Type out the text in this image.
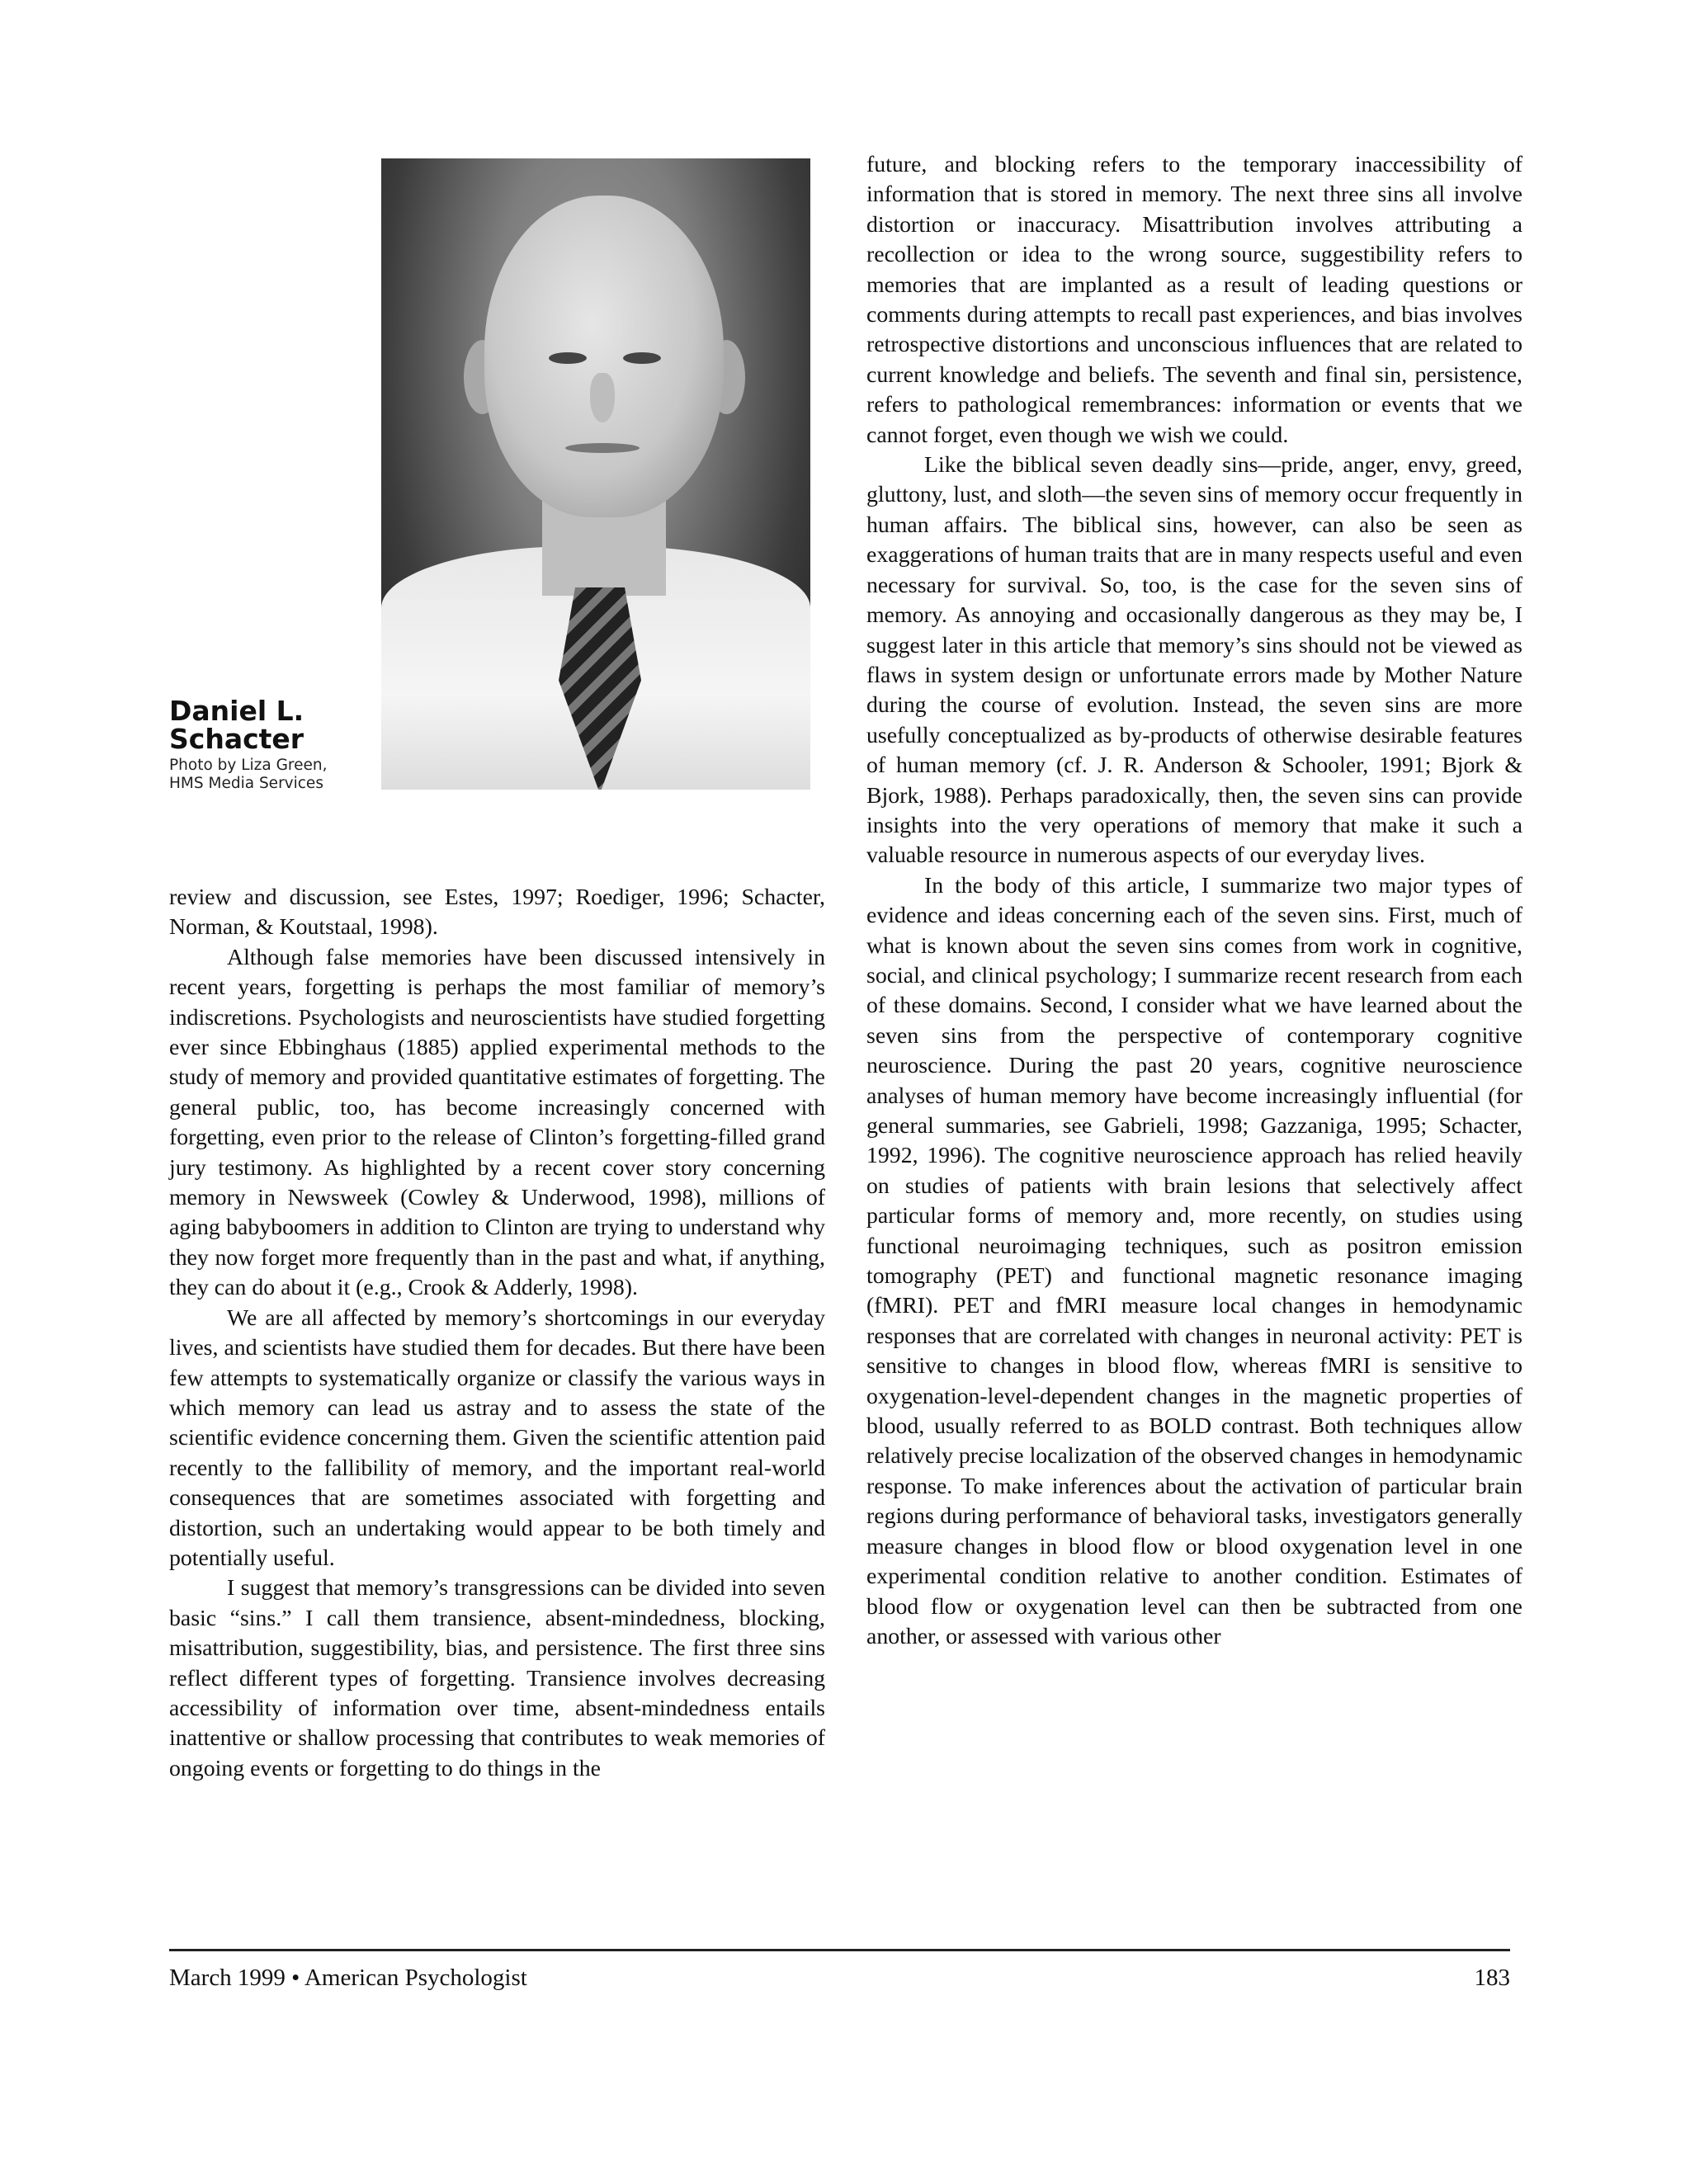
Daniel L.
Schacter
Photo by Liza Green,
HMS Media Services

review and discussion, see Estes, 1997; Roediger, 1996; Schacter, Norman, & Koutstaal, 1998).

Although false memories have been discussed intensively in recent years, forgetting is perhaps the most familiar of memory’s indiscretions. Psychologists and neuroscientists have studied forgetting ever since Ebbinghaus (1885) applied experimental methods to the study of memory and provided quantitative estimates of forgetting. The general public, too, has become increasingly concerned with forgetting, even prior to the release of Clinton’s forgetting-filled grand jury testimony. As highlighted by a recent cover story concerning memory in Newsweek (Cowley & Underwood, 1998), millions of aging babyboomers in addition to Clinton are trying to understand why they now forget more frequently than in the past and what, if anything, they can do about it (e.g., Crook & Adderly, 1998).

We are all affected by memory’s shortcomings in our everyday lives, and scientists have studied them for decades. But there have been few attempts to systematically organize or classify the various ways in which memory can lead us astray and to assess the state of the scientific evidence concerning them. Given the scientific attention paid recently to the fallibility of memory, and the important real-world consequences that are sometimes associated with forgetting and distortion, such an undertaking would appear to be both timely and potentially useful.

I suggest that memory’s transgressions can be divided into seven basic “sins.” I call them transience, absent-mindedness, blocking, misattribution, suggestibility, bias, and persistence. The first three sins reflect different types of forgetting. Transience involves decreasing accessibility of information over time, absent-mindedness entails inattentive or shallow processing that contributes to weak memories of ongoing events or forgetting to do things in the

future, and blocking refers to the temporary inaccessibility of information that is stored in memory. The next three sins all involve distortion or inaccuracy. Misattribution involves attributing a recollection or idea to the wrong source, suggestibility refers to memories that are implanted as a result of leading questions or comments during attempts to recall past experiences, and bias involves retrospective distortions and unconscious influences that are related to current knowledge and beliefs. The seventh and final sin, persistence, refers to pathological remembrances: information or events that we cannot forget, even though we wish we could.

Like the biblical seven deadly sins—pride, anger, envy, greed, gluttony, lust, and sloth—the seven sins of memory occur frequently in human affairs. The biblical sins, however, can also be seen as exaggerations of human traits that are in many respects useful and even necessary for survival. So, too, is the case for the seven sins of memory. As annoying and occasionally dangerous as they may be, I suggest later in this article that memory’s sins should not be viewed as flaws in system design or unfortunate errors made by Mother Nature during the course of evolution. Instead, the seven sins are more usefully conceptualized as by-products of otherwise desirable features of human memory (cf. J. R. Anderson & Schooler, 1991; Bjork & Bjork, 1988). Perhaps paradoxically, then, the seven sins can provide insights into the very operations of memory that make it such a valuable resource in numerous aspects of our everyday lives.

In the body of this article, I summarize two major types of evidence and ideas concerning each of the seven sins. First, much of what is known about the seven sins comes from work in cognitive, social, and clinical psychology; I summarize recent research from each of these domains. Second, I consider what we have learned about the seven sins from the perspective of contemporary cognitive neuroscience. During the past 20 years, cognitive neuroscience analyses of human memory have become increasingly influential (for general summaries, see Gabrieli, 1998; Gazzaniga, 1995; Schacter, 1992, 1996). The cognitive neuroscience approach has relied heavily on studies of patients with brain lesions that selectively affect particular forms of memory and, more recently, on studies using functional neuroimaging techniques, such as positron emission tomography (PET) and functional magnetic resonance imaging (fMRI). PET and fMRI measure local changes in hemodynamic responses that are correlated with changes in neuronal activity: PET is sensitive to changes in blood flow, whereas fMRI is sensitive to oxygenation-level-dependent changes in the magnetic properties of blood, usually referred to as BOLD contrast. Both techniques allow relatively precise localization of the observed changes in hemodynamic response. To make inferences about the activation of particular brain regions during performance of behavioral tasks, investigators generally measure changes in blood flow or blood oxygenation level in one experimental condition relative to another condition. Estimates of blood flow or oxygenation level can then be subtracted from one another, or assessed with various other

March 1999 • American Psychologist	183
